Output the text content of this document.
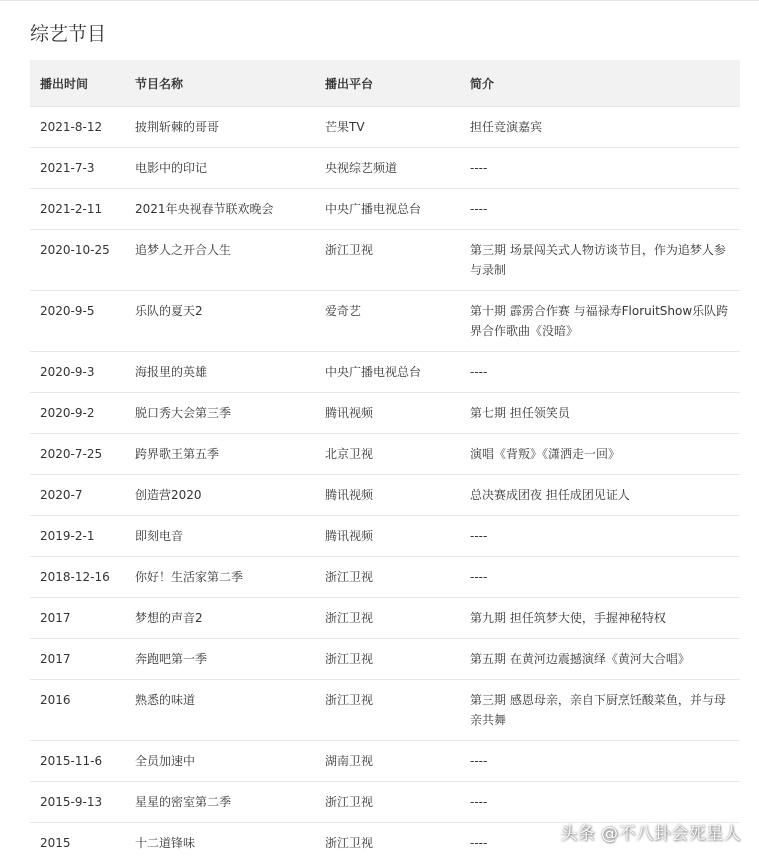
综艺节目
播出时间	节目名称	播出平台	简介
2021-8-12	披荆斩棘的哥哥	芒果TV	担任竞演嘉宾
2021-7-3	电影中的印记	央视综艺频道	----
2021-2-11	2021年央视春节联欢晚会	中央广播电视总台	----
2020-10-25	追梦人之开合人生	浙江卫视	第三期 场景闯关式人物访谈节目，作为追梦人参与录制
2020-9-5	乐队的夏天2	爱奇艺	第十期 霹雳合作赛 与福禄寿FloruitShow乐队跨界合作歌曲《没暗》
2020-9-3	海报里的英雄	中央广播电视总台	----
2020-9-2	脱口秀大会第三季	腾讯视频	第七期 担任领笑员
2020-7-25	跨界歌王第五季	北京卫视	演唱《背叛》《潇洒走一回》
2020-7	创造营2020	腾讯视频	总决赛成团夜 担任成团见证人
2019-2-1	即刻电音	腾讯视频	----
2018-12-16	你好！生活家第二季	浙江卫视	----
2017	梦想的声音2	浙江卫视	第九期 担任筑梦大使，手握神秘特权
2017	奔跑吧第一季	浙江卫视	第五期 在黄河边震撼演绎《黄河大合唱》
2016	熟悉的味道	浙江卫视	第三期 感恩母亲，亲自下厨烹饪酸菜鱼，并与母亲共舞
2015-11-6	全员加速中	湖南卫视	----
2015-9-13	星星的密室第二季	浙江卫视	----
2015	十二道锋味	浙江卫视	----	头条 @不八卦会死星人
